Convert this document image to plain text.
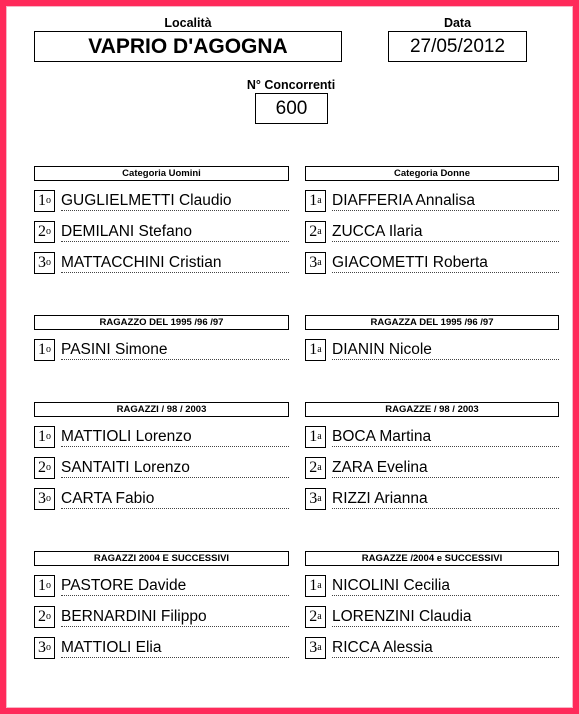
Località
VAPRIO D'AGOGNA
Data
27/05/2012
N° Concorrenti
600
Categoria Uomini
1$^o$ GUGLIELMETTI Claudio
2$^o$ DEMILANI Stefano
3$^o$ MATTACCHINI Cristian
Categoria Donne
1$^a$ DIAFFERIA Annalisa
2$^a$ ZUCCA Ilaria
3$^a$ GIACOMETTI Roberta
RAGAZZO DEL 1995 /96 /97
1$^o$ PASINI Simone
RAGAZZA DEL 1995 /96 /97
1$^a$ DIANIN Nicole
RAGAZZI / 98 / 2003
1$^o$ MATTIOLI Lorenzo
2$^o$ SANTAITI Lorenzo
3$^o$ CARTA Fabio
RAGAZZE / 98 / 2003
1$^a$ BOCA Martina
2$^a$ ZARA Evelina
3$^a$ RIZZI Arianna
RAGAZZI 2004 E SUCCESSIVI
1$^o$ PASTORE Davide
2$^o$ BERNARDINI Filippo
3$^o$ MATTIOLI Elia
RAGAZZE /2004 e SUCCESSIVI
1$^a$ NICOLINI Cecilia
2$^a$ LORENZINI Claudia
3$^a$ RICCA Alessia
